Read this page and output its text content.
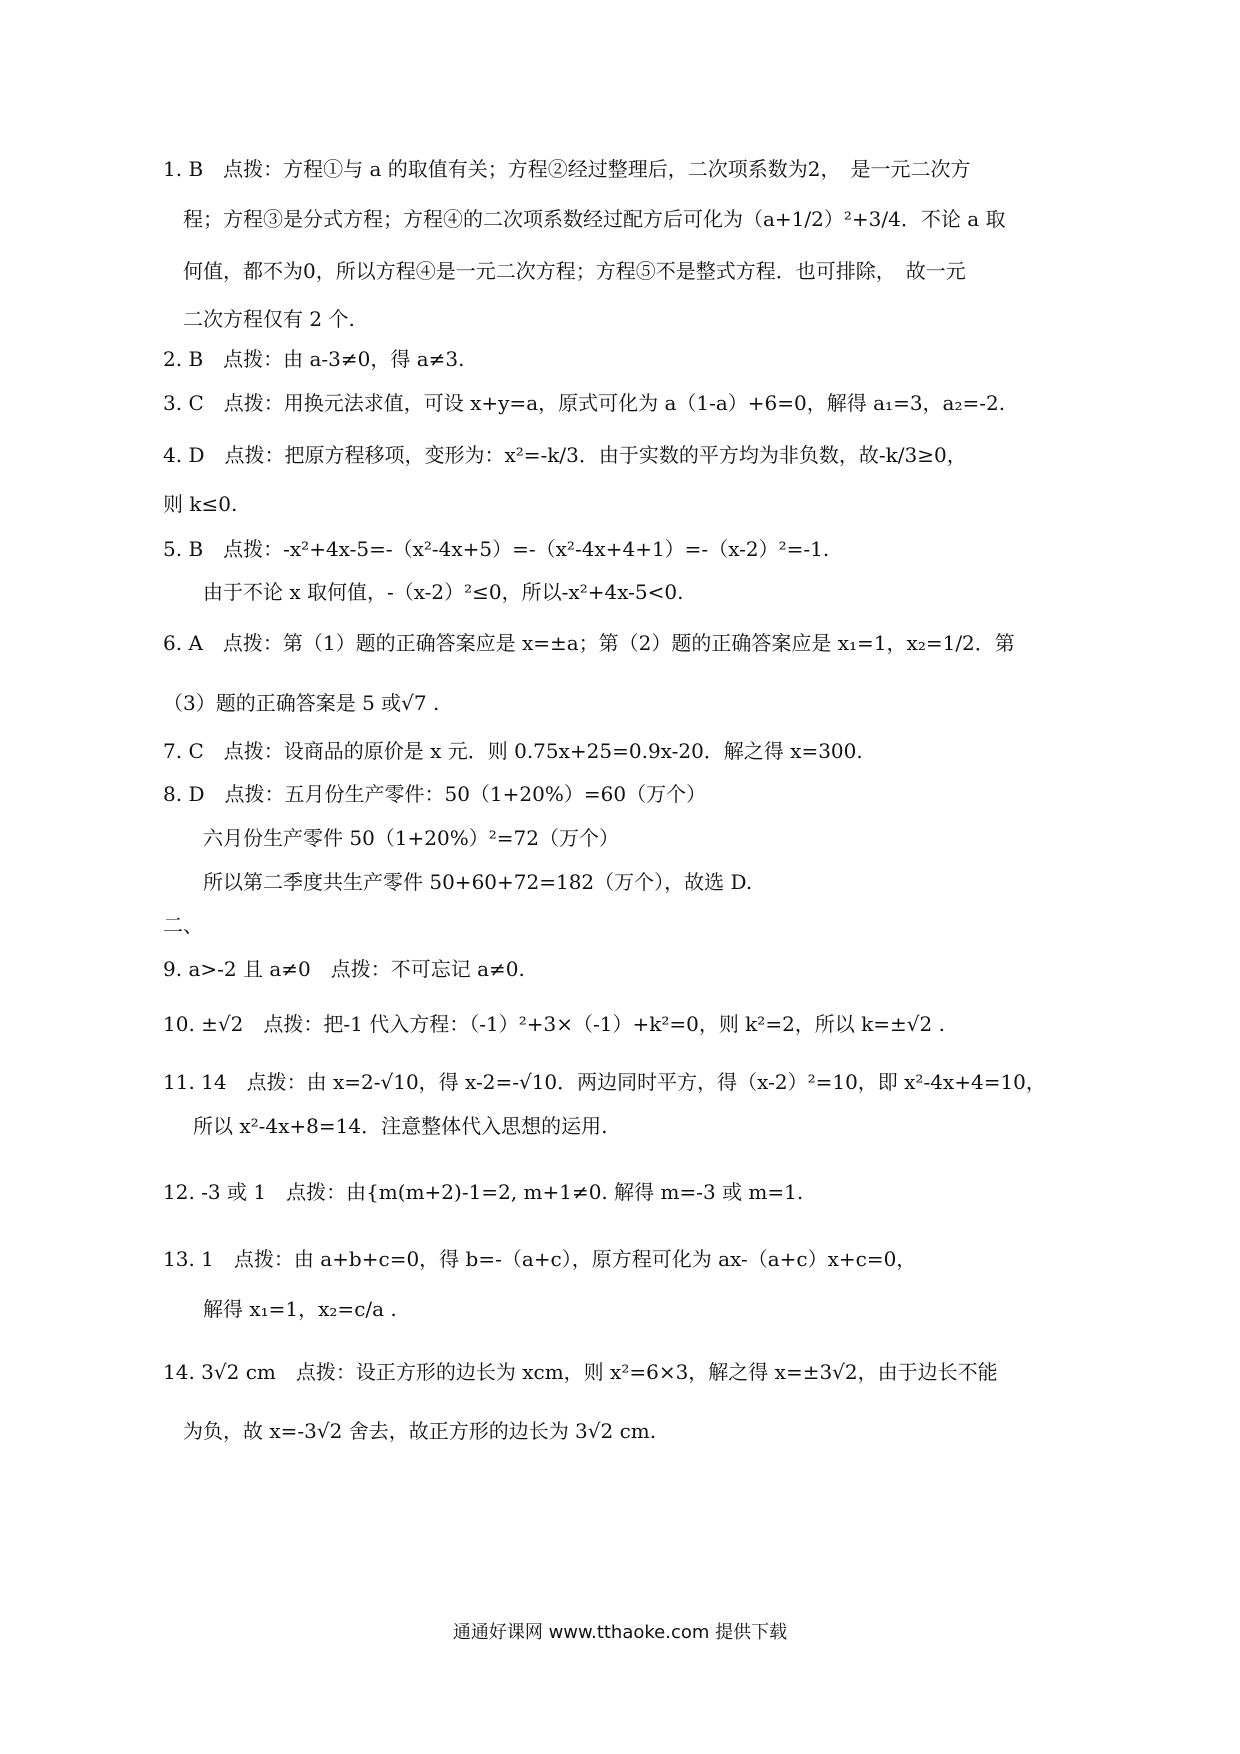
1. B　点拨：方程①与 a 的取值有关；方程②经过整理后，二次项系数为2，　是一元二次方
程；方程③是分式方程；方程④的二次项系数经过配方后可化为（a+1/2）²+3/4．不论 a 取
何值，都不为0，所以方程④是一元二次方程；方程⑤不是整式方程．也可排除，　故一元
二次方程仅有 2 个.
2. B　点拨：由 a-3≠0，得 a≠3.
3. C　点拨：用换元法求值，可设 x+y=a，原式可化为 a（1-a）+6=0，解得 a₁=3，a₂=-2.
4. D　点拨：把原方程移项，变形为：x²=-k/3．由于实数的平方均为非负数，故-k/3≥0，
则 k≤0.
5. B　点拨：-x²+4x-5=-（x²-4x+5）=-（x²-4x+4+1）=-（x-2）²=-1.
由于不论 x 取何值，-（x-2）²≤0，所以-x²+4x-5<0.
6. A　点拨：第（1）题的正确答案应是 x=±a；第（2）题的正确答案应是 x₁=1，x₂=1/2．第
（3）题的正确答案是 5 或√7 .
7. C　点拨：设商品的原价是 x 元．则 0.75x+25=0.9x-20．解之得 x=300.
8. D　点拨：五月份生产零件：50（1+20%）=60（万个）
六月份生产零件 50（1+20%）²=72（万个）
所以第二季度共生产零件 50+60+72=182（万个），故选 D.
二、
9. a>-2 且 a≠0　点拨：不可忘记 a≠0.
10. ±√2　点拨：把-1 代入方程：（-1）²+3×（-1）+k²=0，则 k²=2，所以 k=±√2 .
11. 14　点拨：由 x=2-√10，得 x-2=-√10．两边同时平方，得（x-2）²=10，即 x²-4x+4=10，
所以 x²-4x+8=14．注意整体代入思想的运用.
12. -3 或 1　点拨：由{m(m+2)-1=2, m+1≠0. 解得 m=-3 或 m=1.
13. 1　点拨：由 a+b+c=0，得 b=-（a+c），原方程可化为 ax-（a+c）x+c=0，
解得 x₁=1，x₂=c/a .
14. 3√2 cm　点拨：设正方形的边长为 xcm，则 x²=6×3，解之得 x=±3√2，由于边长不能
为负，故 x=-3√2 舍去，故正方形的边长为 3√2 cm.
通通好课网 www.tthaoke.com 提供下载
